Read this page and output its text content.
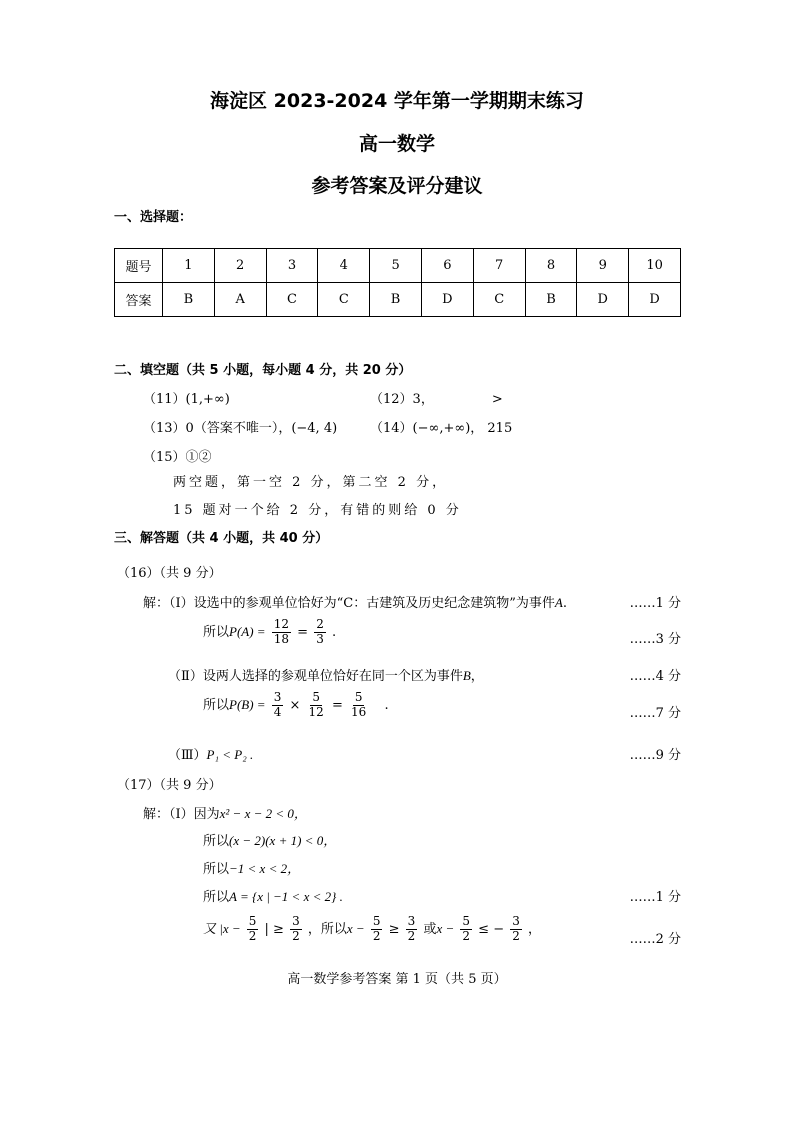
海淀区 2023-2024 学年第一学期期末练习
高一数学
参考答案及评分建议
一、选择题：
题号	1	2	3	4	5	6	7	8	9	10
答案	B	A	C	C	B	D	C	B	D	D
二、填空题（共 5 小题，每小题 4 分，共 20 分）
（11）(1,+∞)	（12）3，	>
（13）0（答案不唯一），(−4, 4)	（14）(−∞,+∞)， 215
（15）①②
两空题，第一空 2 分，第二空 2 分，
15 题对一个给 2 分，有错的则给 0 分
三、解答题（共 4 小题，共 40 分）
（16）（共 9 分）
解：（Ⅰ）设选中的参观单位恰好为“C：古建筑及历史纪念建筑物”为事件A.	……1 分
所以$P(A) = \frac{12}{18} = \frac{2}{3}$ .	……3 分
（Ⅱ）设两人选择的参观单位恰好在同一个区为事件B，	……4 分
所以$P(B) = \frac{3}{4} \times \frac{5}{12} = \frac{5}{16}$ .
……7 分
（Ⅲ）P₁ < P₂ .	……9 分
（17）（共 9 分）
解：（Ⅰ）因为x² − x − 2 < 0，
所以(x − 2)(x + 1) < 0，
所以−1 < x < 2，
所以A = {x | −1 < x < 2} .	……1 分
又 $|x - \frac{5}{2}$ | ≥ $\frac{3}{2}$ ，所以$x - \frac{5}{2} \ge \frac{3}{2}$ 或$x - \frac{5}{2}$ ≤ − $\frac{3}{2}$ ，
……2 分
高一数学参考答案 第 1 页（共 5 页）
